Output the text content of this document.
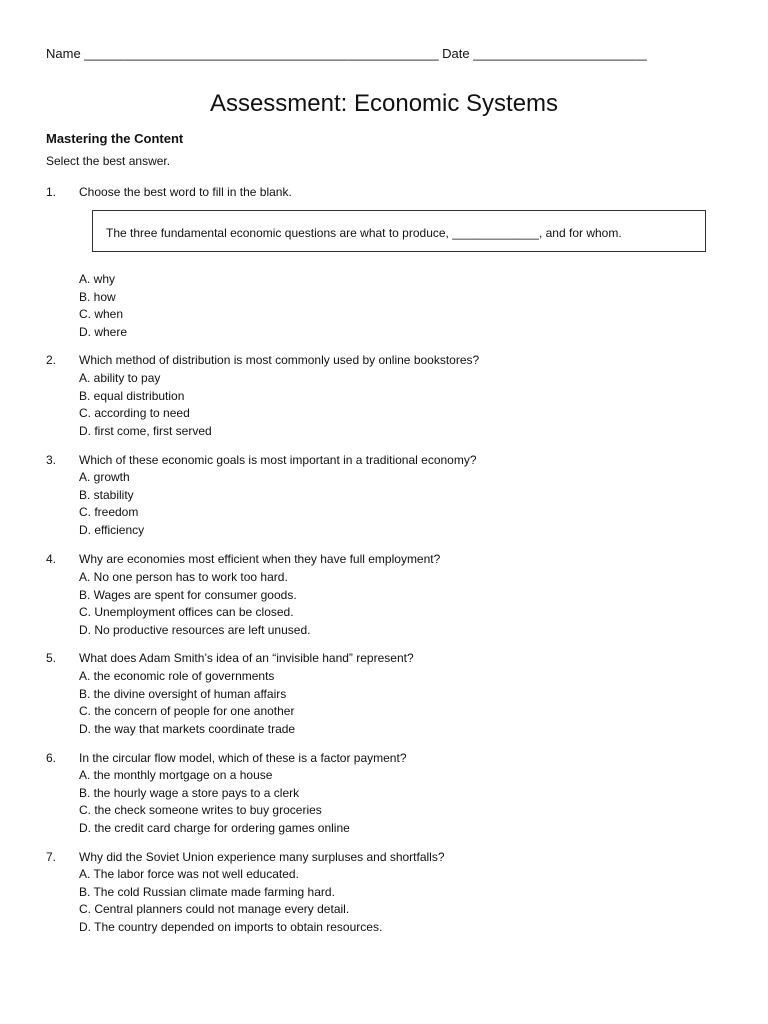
Name _________________________________________________ Date ________________________
Assessment: Economic Systems
Mastering the Content
Select the best answer.
1. Choose the best word to fill in the blank.
The three fundamental economic questions are what to produce, _____________, and for whom.
A. why
B. how
C. when
D. where
2. Which method of distribution is most commonly used by online bookstores?
A. ability to pay
B. equal distribution
C. according to need
D. first come, first served
3. Which of these economic goals is most important in a traditional economy?
A. growth
B. stability
C. freedom
D. efficiency
4. Why are economies most efficient when they have full employment?
A. No one person has to work too hard.
B. Wages are spent for consumer goods.
C. Unemployment offices can be closed.
D. No productive resources are left unused.
5. What does Adam Smith’s idea of an “invisible hand” represent?
A. the economic role of governments
B. the divine oversight of human affairs
C. the concern of people for one another
D. the way that markets coordinate trade
6. In the circular flow model, which of these is a factor payment?
A. the monthly mortgage on a house
B. the hourly wage a store pays to a clerk
C. the check someone writes to buy groceries
D. the credit card charge for ordering games online
7. Why did the Soviet Union experience many surpluses and shortfalls?
A. The labor force was not well educated.
B. The cold Russian climate made farming hard.
C. Central planners could not manage every detail.
D. The country depended on imports to obtain resources.
